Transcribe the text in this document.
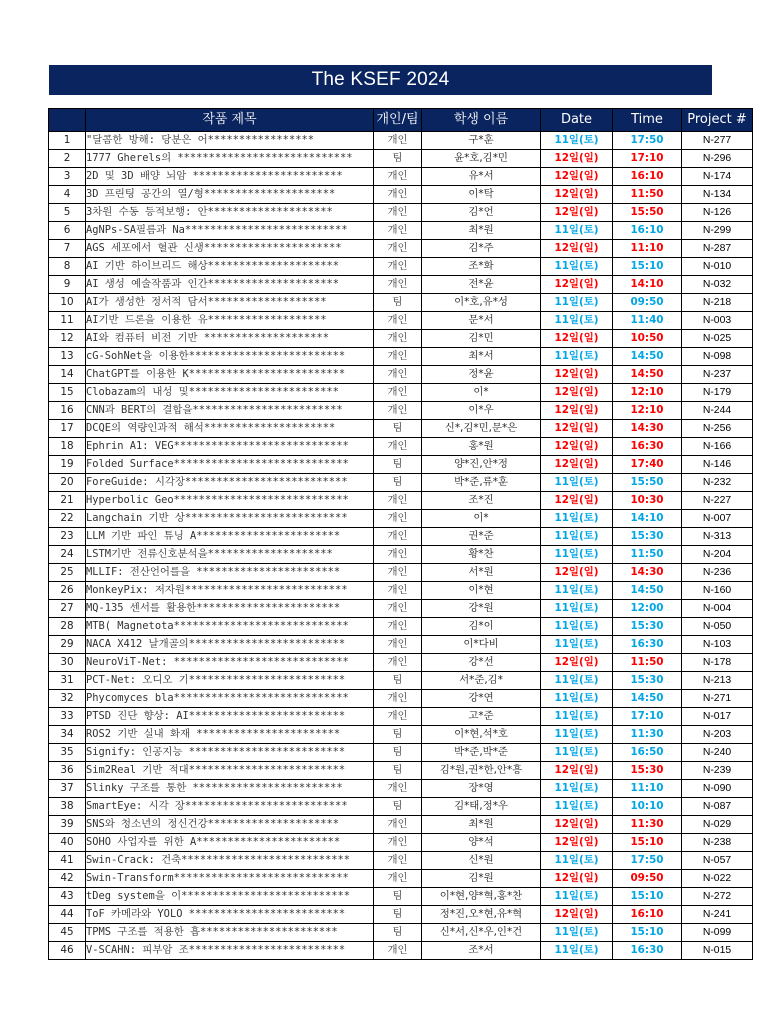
The KSEF 2024
	작품 제목	개인/팀	학생 이름	Date	Time	Project #
1	"달콤한 방해: 당분은 어*****************	개인	구*훈	11일(토)	17:50	N-277
2	1777 Gherels의 ****************************	팀	윤*호,김*민	12일(일)	17:10	N-296
3	2D 및 3D 배양 뇌암 ************************	개인	유*서	12일(일)	16:10	N-174
4	3D 프린팅 공간의 열/형*********************	개인	이*탁	12일(일)	11:50	N-134
5	3차원 수동 등적보행: 안********************	개인	김*언	12일(일)	15:50	N-126
6	AgNPs-SA필름과 Na**************************	개인	최*원	11일(토)	16:10	N-299
7	AGS 세포에서 혈관 신생**********************	개인	김*주	12일(일)	11:10	N-287
8	AI 기반 하이브리드 해상*********************	개인	조*화	11일(토)	15:10	N-010
9	AI 생성 예술작품과 인간*********************	개인	전*윤	12일(일)	14:10	N-032
10	AI가 생성한 정서적 담서*******************	팀	이*호,유*성	11일(토)	09:50	N-218
11	AI기반 드론을 이용한 유*******************	개인	문*서	11일(토)	11:40	N-003
12	AI와 컴퓨터 비전 기반 ********************	개인	김*민	12일(일)	10:50	N-025
13	cG-SohNet을 이용한*************************	개인	최*서	11일(토)	14:50	N-098
14	ChatGPT를 이용한 K*************************	개인	정*윤	12일(일)	14:50	N-237
15	Clobazam의 내성 및************************	개인	이*	12일(일)	12:10	N-179
16	CNN과 BERT의 결합을************************	개인	이*우	12일(일)	12:10	N-244
17	DCQE의 역량인과적 해석*********************	팀	신*,김*민,문*은	12일(일)	14:30	N-256
18	Ephrin A1: VEG****************************	개인	홍*원	12일(일)	16:30	N-166
19	Folded Surface****************************	팀	양*진,안*정	12일(일)	17:40	N-146
20	ForeGuide: 시각장**************************	팀	박*준,류*훈	11일(토)	15:50	N-232
21	Hyperbolic Geo****************************	개인	조*진	12일(일)	10:30	N-227
22	Langchain 기반 상**************************	개인	이*	11일(토)	14:10	N-007
23	LLM 기반 파인 튜닝 A***********************	개인	권*준	11일(토)	15:30	N-313
24	LSTM기반 전류신호분석을********************	개인	황*찬	11일(토)	11:50	N-204
25	MLLIF: 전산언어를을 ***********************	개인	서*원	12일(일)	14:30	N-236
26	MonkeyPix: 저자원**************************	개인	이*현	11일(토)	14:50	N-160
27	MQ-135 센서를 활용한***********************	개인	강*원	11일(토)	12:00	N-004
28	MTB( Magnetota****************************	개인	김*이	11일(토)	15:30	N-050
29	NACA X412 날개골의*************************	개인	이*다비	11일(토)	16:30	N-103
30	NeuroViT-Net: ****************************	개인	강*선	12일(일)	11:50	N-178
31	PCT-Net: 오디오 기*************************	팀	서*준,김*	11일(토)	15:30	N-213
32	Phycomyces bla****************************	개인	강*연	11일(토)	14:50	N-271
33	PTSD 진단 향상: AI*************************	개인	고*준	11일(토)	17:10	N-017
34	ROS2 기반 실내 화재 ***********************	팀	이*현,석*호	11일(토)	11:30	N-203
35	Signify: 인공지능 *************************	팀	박*준,박*준	11일(토)	16:50	N-240
36	Sim2Real 기반 적대*************************	팀	김*원,권*한,안*흥	12일(일)	15:30	N-239
37	Slinky 구조를 통한 ************************	개인	장*영	11일(토)	11:10	N-090
38	SmartEye: 시각 장**************************	팀	김*태,정*우	11일(토)	10:10	N-087
39	SNS와 청소년의 정신건강*********************	개인	최*원	12일(일)	11:30	N-029
40	SOHO 사업자를 위한 A***********************	개인	양*석	12일(일)	15:10	N-238
41	Swin-Crack: 건축***************************	개인	신*원	11일(토)	17:50	N-057
42	Swin-Transform****************************	개인	김*원	12일(일)	09:50	N-022
43	tDeg system을 이***************************	팀	이*현,양*혁,홍*찬	11일(토)	15:10	N-272
44	ToF 카메라와 YOLO *************************	팀	정*진,오*현,유*혁	12일(일)	16:10	N-241
45	TPMS 구조를 적용한 흡**********************	팀	신*서,신*우,인*건	11일(토)	15:10	N-099
46	V-SCAHN: 피부암 조*************************	개인	조*서	11일(토)	16:30	N-015
